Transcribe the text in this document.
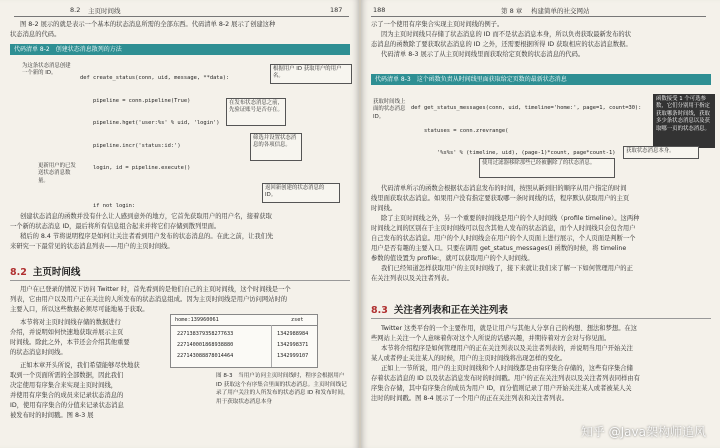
8.2 主页时间线	187
图 8-2 展示的就是表示一个基本的状态消息所需的全部东西。代码清单 8-2 展示了创建这种
状态消息的代码。
代码清单 8-2　创建状态消息散列的方法

def create_status(conn, uid, message, **data):

pipeline = conn.pipeline(True)

pipeline.hget('user:%s' % uid, 'login')

pipeline.incr('status:id:')

login, id = pipeline.execute()

if not login:

为这条状态消息创建一个新的 ID。
根据用户 ID 获取用户的用户名。
在发布状态消息之前，先验证账号是否存在。
筛选并设置状态消息的各项信息。
更新用户的已发送状态消息数量。
返回新创建的状态消息的 ID。
创建状态消息的函数并没有什么让人感到意外的地方，它首先获取用户的用户名，接着获取
一个新的状态消息 ID，最后将所有信息组合起来并将它们存储到散列里面。
稍后的 8.4 节将说明程序是如何让关注者看到用户发布的状态消息的。在此之前，让我们先
来研究一下最常见的状态消息列表——用户的主页时间线。
8.2 主页时间线
用户在已登录的情况下访问 Twitter 时，首先看到的是他们自己的主页时间线，这个时间线是一个
列表，它由用户以及用户正在关注的人所发布的状态消息组成。因为主页时间线是用户访问网站时的
主要入口，所以这些数据必须尽可能地易于获取。
本节将对主页时间线存储的数据进行
介绍，并说明如何快速地获取并展示主页
时间线。除此之外，本节还会介绍其他重要
的状态消息时间线。
正如本章开头所说，我们希望能够尽快地获
取到一个页面所需的全部数据，因此我们
决定使用有序集合来实现主页时间线，
并使用有序集合的成员来记录状态消息的
ID，使用有序集合的分值来记录状态消息
被发布时的时间戳。图 8-3 展
home:139960061	zset
227138379358277633	1342988984
227140001868938880	1342998371
227143088878014464	1342999107
图 8-3　当用户访问主页时间线时，程序会根据用户 ID 获取这个有序集合里面的状态消息。主页时间线记录了用户关注的人所发布的状态消息 ID 和发布时间，用于获取状态消息本身
188	第 8 章 构建简单的社交网站
示了一个使用有序集合实现主页时间线的例子。
因为主页时间线只存储了状态消息的 ID 而不是状态消息本身，所以负责获取最新发布的状
态消息的函数除了要获取状态消息的 ID 之外，还需要根据所得 ID 获取相应的状态消息数据。
代码清单 8-3 展示了从主页时间线里面获取给定页数的状态消息的代码。
代码清单 8-3　这个函数负责从时间线里面获取给定页数的最新状态消息

def get_status_messages(conn, uid, timeline='home:', page=1, count=30):

statuses = conn.zrevrange(

'%s%s' % (timeline, uid), (page-1)*count, page*count-1)

获取时间线上面的状态消息 ID。
函数接受 1 个可选参数，它们分别用于指定获取哪条时间线，获取多少条状态消息以及获取哪一页的状态消息。
获取状态消息本身。
使用过滤器移除那些已经被删除了的状态消息。
代码清单所示的函数会根据状态消息发布的时间，按照从新到旧的顺序从用户指定的时间
线里面获取状态消息。如果用户没有指定要获取哪一条时间线的话，程序默认获取用户的主页
时间线。
除了主页时间线之外，另一个重要的时间线是用户的个人时间线（profile timeline）。这两种
时间线之间的区别在于主页时间线可以包含其他人发布的状态消息，而个人时间线只会包含用户
自己发布的状态消息。用户的个人时间线会在用户的个人页面上进行展示，个人页面是判断一个
用户是否有趣的主要入口。只要在调用 get_status_messages() 函数的时候，将 timeline
参数的值设置为 profile:，就可以获取用户的个人时间线。
我们已经知道怎样获取用户的主页时间线了，接下来就让我们来了解一下如何管理用户的正
在关注列表以及关注者列表。
8.3 关注者列表和正在关注列表
Twitter 这类平台的一个主要作用，就是让用户与其他人分享自己的构想、想法和梦想。在这
些网站上关注一个人意味着你对这个人所说的话感兴趣，并期待着对方会对与你见面。
本节将介绍程序是如何管理用户的正在关注列表以及关注者列表的，并说明当用户开始关注
某人或者停止关注某人的时候，用户的主页时间线将出现怎样的变化。
正如上一节所说，用户的主页时间线和个人时间线都是由有序集合存储的，这些有序集合储
存着状态消息的 ID 以及状态消息发布时的时间戳。用户的正在关注列表以及关注者列表同样由有
序集合存储，其中有序集合的成员为用户 ID，而分值则记录了用户开始关注某人或者被某人关
注时的时间戳。图 8-4 展示了一个用户的正在关注列表和关注者列表。
知乎 @Java架构师追风
